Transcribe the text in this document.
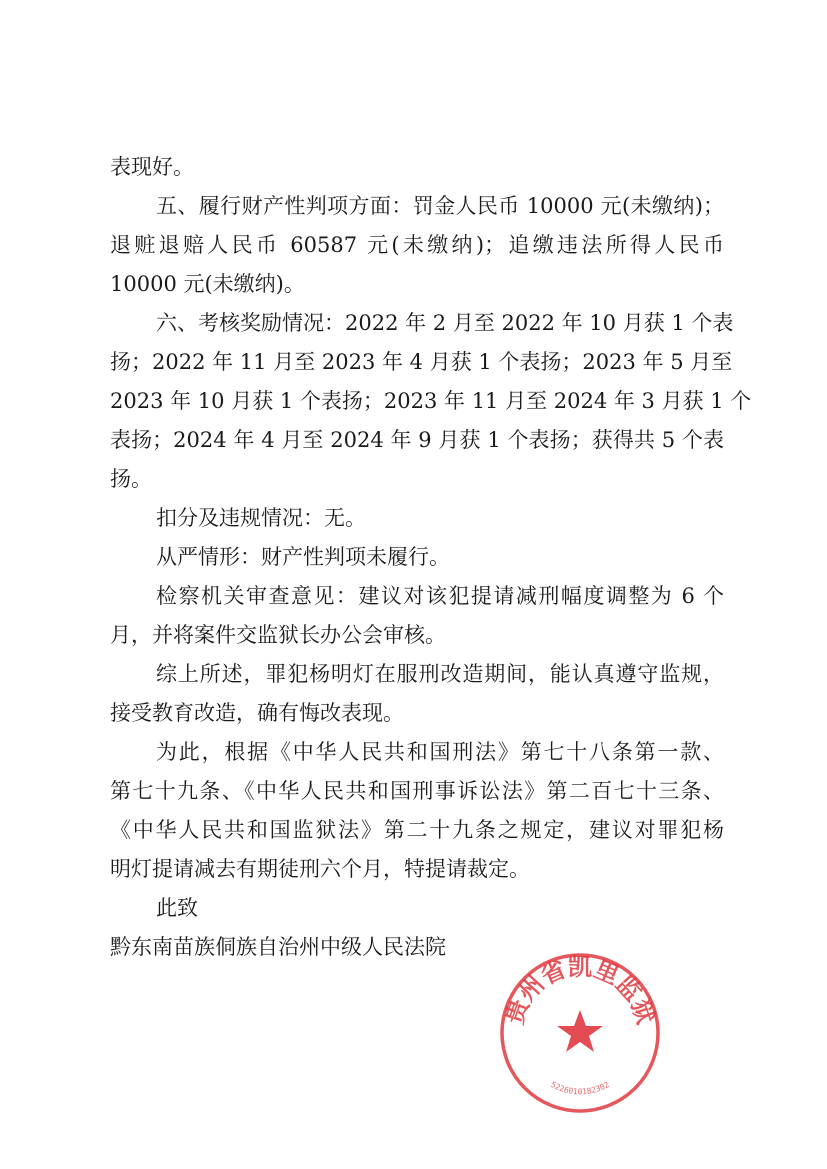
表现好。
五、履行财产性判项方面：罚金人民币 10000 元(未缴纳)；
退赃退赔人民币 60587 元(未缴纳)；追缴违法所得人民币
10000 元(未缴纳)。
六、考核奖励情况：2022 年 2 月至 2022 年 10 月获 1 个表
扬；2022 年 11 月至 2023 年 4 月获 1 个表扬；2023 年 5 月至
2023 年 10 月获 1 个表扬；2023 年 11 月至 2024 年 3 月获 1 个
表扬；2024 年 4 月至 2024 年 9 月获 1 个表扬；获得共 5 个表
扬。
扣分及违规情况：无。
从严情形：财产性判项未履行。
检察机关审查意见：建议对该犯提请减刑幅度调整为 6 个
月，并将案件交监狱长办公会审核。
综上所述，罪犯杨明灯在服刑改造期间，能认真遵守监规，
接受教育改造，确有悔改表现。
为此，根据《中华人民共和国刑法》第七十八条第一款、
第七十九条、《中华人民共和国刑事诉讼法》第二百七十三条、
《中华人民共和国监狱法》第二十九条之规定，建议对罪犯杨
明灯提请减去有期徒刑六个月，特提请裁定。
此致
黔东南苗族侗族自治州中级人民法院
贵州省凯里监狱
5226010182302
